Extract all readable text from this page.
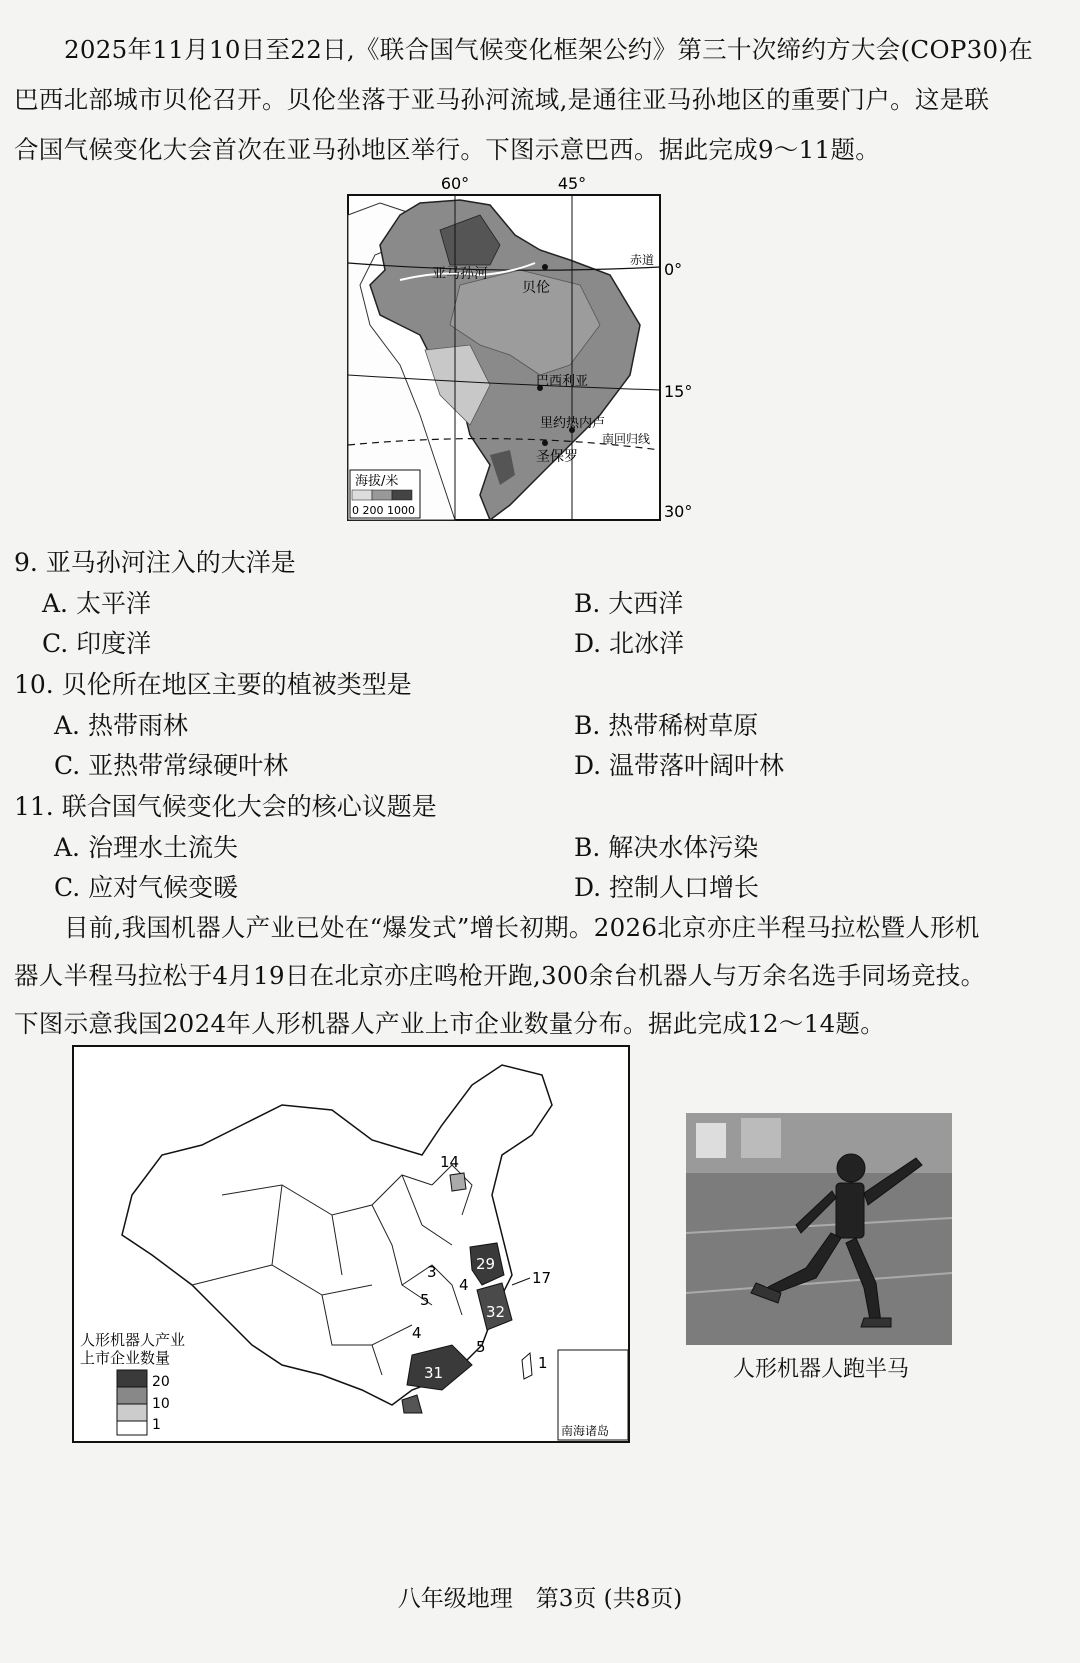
2025年11月10日至22日,《联合国气候变化框架公约》第三十次缔约方大会(COP30)在
巴西北部城市贝伦召开。贝伦坐落于亚马孙河流域,是通往亚马孙地区的重要门户。这是联
合国气候变化大会首次在亚马孙地区举行。下图示意巴西。据此完成9～11题。
60°	45°
亚马孙河
赤道
南回归线
0°
15°
30°
贝伦
巴西利亚
里约热内卢
圣保罗
海拔/米
0 200 1000
9. 亚马孙河注入的大洋是
A. 太平洋	B. 大西洋
C. 印度洋	D. 北冰洋
10. 贝伦所在地区主要的植被类型是
A. 热带雨林	B. 热带稀树草原
C. 亚热带常绿硬叶林	D. 温带落叶阔叶林
11. 联合国气候变化大会的核心议题是
A. 治理水土流失	B. 解决水体污染
C. 应对气候变暖	D. 控制人口增长
目前,我国机器人产业已处在“爆发式”增长初期。2026北京亦庄半程马拉松暨人形机
器人半程马拉松于4月19日在北京亦庄鸣枪开跑,300余台机器人与万余名选手同场竞技。
下图示意我国2024年人形机器人产业上市企业数量分布。据此完成12～14题。
14
3
4
29
17
5
32
4
5
31
1
人形机器人产业
上市企业数量
20
10
1	南海诸岛
人形机器人跑半马
八年级地理　第3页 (共8页)
